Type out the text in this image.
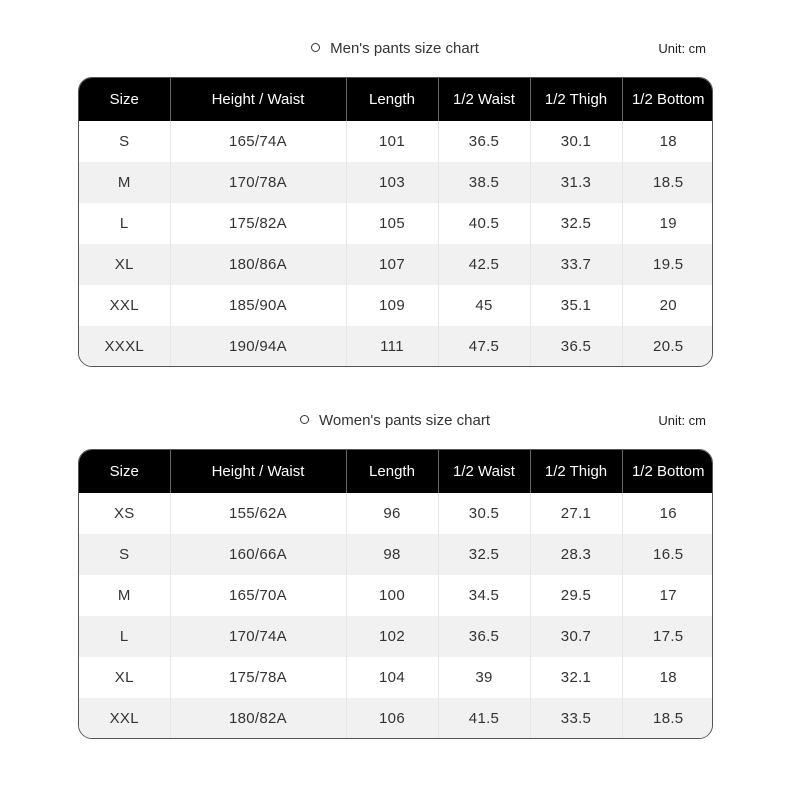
Men's pants size chart	Unit: cm
Size	Height / Waist	Length	1/2 Waist	1/2 Thigh	1/2 Bottom
S	165/74A	101	36.5	30.1	18
M	170/78A	103	38.5	31.3	18.5
L	175/82A	105	40.5	32.5	19
XL	180/86A	107	42.5	33.7	19.5
XXL	185/90A	109	45	35.1	20
XXXL	190/94A	111	47.5	36.5	20.5
Women's pants size chart	Unit: cm
Size	Height / Waist	Length	1/2 Waist	1/2 Thigh	1/2 Bottom
XS	155/62A	96	30.5	27.1	16
S	160/66A	98	32.5	28.3	16.5
M	165/70A	100	34.5	29.5	17
L	170/74A	102	36.5	30.7	17.5
XL	175/78A	104	39	32.1	18
XXL	180/82A	106	41.5	33.5	18.5
